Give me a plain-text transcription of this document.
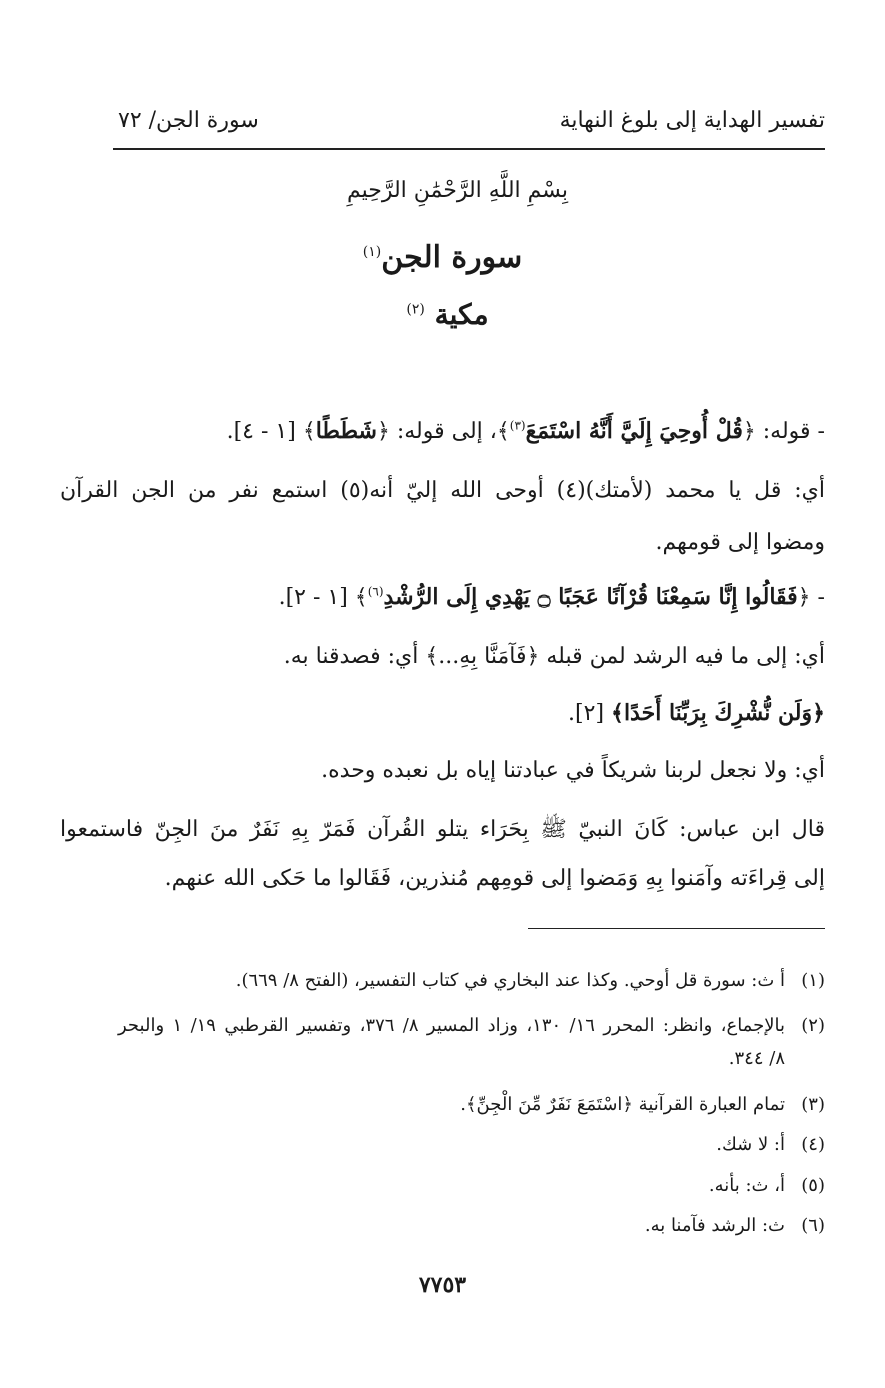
تفسير الهداية إلى بلوغ النهاية
سورة الجن/ ٧٢
بِسْمِ اللَّهِ الرَّحْمَٰنِ الرَّحِيمِ
سورة الجن$^{(١)}$
مكية $^{(٢)}$
- قوله: ﴿قُلْ أُوحِيَ إِلَيَّ أَنَّهُ اسْتَمَعَ$^{(٣)}$﴾، إلى قوله: ﴿شَطَطًا﴾ [١ - ٤].
أي: قل يا محمد (لأمتك)(٤) أوحى الله إليّ أنه(٥) استمع نفر من الجن القرآن
ومضوا إلى قومهم.
- ﴿فَقَالُوا إِنَّا سَمِعْنَا قُرْآنًا عَجَبًا ۝ يَهْدِي إِلَى الرُّشْدِ$^{(٦)}$﴾ [١ - ٢].
أي: إلى ما فيه الرشد لمن قبله ﴿فَآمَنَّا بِهِ...﴾ أي: فصدقنا به.
﴿وَلَن نُّشْرِكَ بِرَبِّنَا أَحَدًا﴾ [٢].
أي: ولا نجعل لربنا شريكاً في عبادتنا إياه بل نعبده وحده.
قال ابن عباس: كَانَ النبيّ ﷺ بِحَرَاء يتلو القُرآن فَمَرّ بِهِ نَفَرٌ منَ الجِنّ فاستمعوا
إلى قِراءَته وآمَنوا بِهِ وَمَضوا إلى قومِهم مُنذرين، فَقَالوا ما حَكى الله عنهم.
(١)أ ث: سورة قل أوحي. وكذا عند البخاري في كتاب التفسير، (الفتح ٨/ ٦٦٩).
(٢)بالإجماع، وانظر: المحرر ١٦/ ١٣٠، وزاد المسير ٨/ ٣٧٦، وتفسير القرطبي ١٩/ ١ والبحر
٨/ ٣٤٤.
(٣)تمام العبارة القرآنية ﴿اسْتَمَعَ نَفَرٌ مِّنَ الْجِنِّ﴾.
(٤)أ: لا شك.
(٥)أ، ث: بأنه.
(٦)ث: الرشد فآمنا به.
٧٧٥٣
